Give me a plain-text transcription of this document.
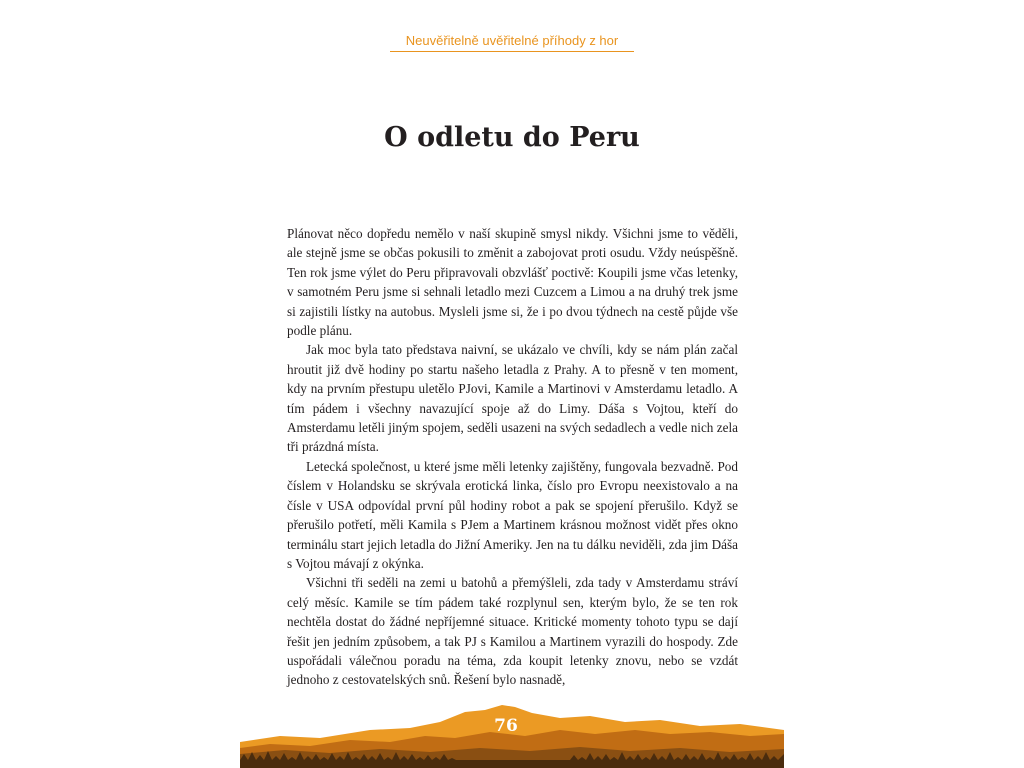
Neuvěřitelně uvěřitelné příhody z hor
O odletu do Peru

Plánovat něco dopředu nemělo v naší skupině smysl nikdy. Všichni jsme to věděli, ale stejně jsme se občas pokusili to změnit a zabojovat proti osudu. Vždy neúspěšně. Ten rok jsme výlet do Peru připravovali obzvlášť poctivě: Koupili jsme včas letenky, v samotném Peru jsme si sehnali letadlo mezi Cuzcem a Limou a na druhý trek jsme si zajistili lístky na autobus. Mysleli jsme si, že i po dvou týdnech na cestě půjde vše podle plánu.

Jak moc byla tato představa naivní, se ukázalo ve chvíli, kdy se nám plán začal hroutit již dvě hodiny po startu našeho letadla z Prahy. A to přesně v ten moment, kdy na prvním přestupu uletělo PJovi, Kamile a Martinovi v Amsterdamu letadlo. A tím pádem i všechny navazující spoje až do Limy. Dáša s Vojtou, kteří do Amsterdamu letěli jiným spojem, seděli usazeni na svých sedadlech a vedle nich zela tři prázdná místa.

Letecká společnost, u které jsme měli letenky zajištěny, fungovala bezvadně. Pod číslem v Holandsku se skrývala erotická linka, číslo pro Evropu neexistovalo a na čísle v USA odpovídal první půl hodiny robot a pak se spojení přerušilo. Když se přerušilo potřetí, měli Kamila s PJem a Martinem krásnou možnost vidět přes okno terminálu start jejich letadla do Jižní Ameriky. Jen na tu dálku neviděli, zda jim Dáša s Vojtou mávají z okýnka.

Všichni tři seděli na zemi u batohů a přemýšleli, zda tady v Amsterdamu stráví celý měsíc. Kamile se tím pádem také rozplynul sen, kterým bylo, že se ten rok nechtěla dostat do žádné nepříjemné situace. Kritické momenty tohoto typu se dají řešit jen jedním způsobem, a tak PJ s Kamilou a Martinem vyrazili do hospody. Zde uspořádali válečnou poradu na téma, zda koupit letenky znovu, nebo se vzdát jednoho z cestovatelských snů. Řešení bylo nasnadě,

76
